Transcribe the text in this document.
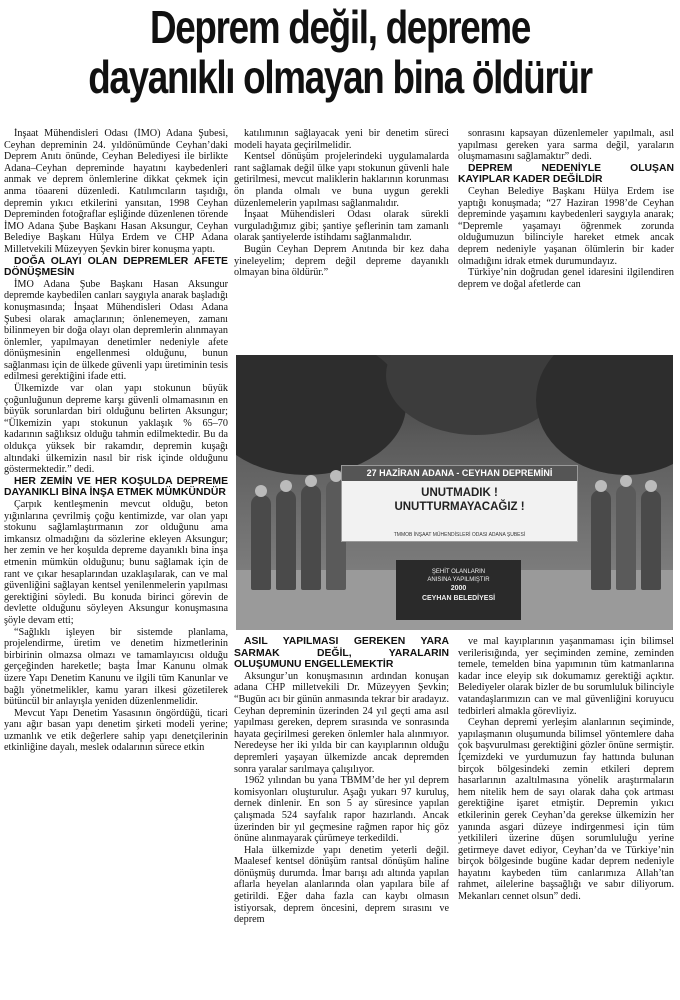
Deprem değil, depreme
dayanıklı olmayan bina öldürür

İnşaat Mühendisleri Odası (İMO) Adana Şubesi, Ceyhan depreminin 24. yıldönümünde Ceyhan’daki Deprem Anıtı önünde, Ceyhan Belediyesi ile birlikte Adana–Ceyhan depreminde hayatını kaybedenleri anmak ve deprem önlemlerine dikkat çekmek için anma töaareni düzenledi. Katılımcıların taşıdığı, depremin yıkıcı etkilerini yansıtan, 1998 Ceyhan Depreminden fotoğraflar eşliğinde düzenlenen törende İMO Adana Şube Başkanı Hasan Aksungur, Ceyhan Belediye Başkanı Hülya Erdem ve CHP Adana Milletvekili Müzeyyen Şevkin birer konuşma yaptı.

DOĞA OLAYI OLAN DEPREMLER AFETE DÖNÜŞMESİN

İMO Adana Şube Başkanı Hasan Aksungur depremde kaybedilen canları saygıyla anarak başladığı konuşmasında; İnşaat Mühendisleri Odası Adana Şubesi olarak amaçlarının; önlenemeyen, zamanı bilinmeyen bir doğa olayı olan depremlerin alınmayan önlemler, yapılmayan denetimler nedeniyle afete dönüşmesinin engellenmesi olduğunu, bunun sağlanması için de ülkede güvenli yapı üretiminin tesis edilmesi gerektiğini ifade etti.

Ülkemizde var olan yapı stokunun büyük çoğunluğunun depreme karşı güvenli olmamasının en büyük sorunlardan biri olduğunu belirten Aksungur; “Ülkemizin yapı stokunun yaklaşık % 65–70 kadarının sağlıksız olduğu tahmin edilmektedir. Bu da oldukça yüksek bir rakamdır, depremin kuşağı altındaki ülkemizin nasıl bir risk içinde olduğunu göstermektedir.” dedi.

HER ZEMİN VE HER KOŞULDA DEPREME DAYANIKLI BİNA İNŞA ETMEK MÜMKÜNDÜR

Çarpık kentleşmenin mevcut olduğu, beton yığınlarına çevrilmiş çoğu kentimizde, var olan yapı stokunu sağlamlaştırmanın zor olduğunu ama imkansız olmadığını da sözlerine ekleyen Aksungur; her zemin ve her koşulda depreme dayanıklı bina inşa etmenin mümkün olduğunu; bunu sağlamak için de rant ve çıkar hesaplarından uzaklaşılarak, can ve mal güvenliğini sağlayan kentsel yenilenmelerin yapılması gerektiğini söyledi. Bu konuda birinci görevin de devlette olduğunu söyleyen Aksungur konuşmasına şöyle devam etti;

“Sağlıklı işleyen bir sistemde planlama, projelendirme, üretim ve denetim hizmetlerinin birbirinin olmazsa olmazı ve tamamlayıcısı olduğu gerçeğinden hareketle; başta İmar Kanunu olmak üzere Yapı Denetim Kanunu ve ilgili tüm Kanunlar ve bağlı yönetmelikler, kamu yararı ilkesi gözetilerek bütüncül bir anlayışla yeniden düzenlenmelidir.

Mevcut Yapı Denetim Yasasının öngördüğü, ticari yanı ağır basan yapı denetim şirketi modeli yerine; uzmanlık ve etik değerlere sahip yapı denetçilerinin etkinliğine dayalı, meslek odalarının sürece etkin

katılımının sağlayacak yeni bir denetim süreci modeli hayata geçirilmelidir.

Kentsel dönüşüm projelerindeki uygulamalarda rant sağlamak değil ülke yapı stokunun güvenli hale getirilmesi, mevcut maliklerin haklarının korunması ön planda olmalı ve buna uygun gerekli düzenlemelerin yapılması sağlanmalıdır.

İnşaat Mühendisleri Odası olarak sürekli vurguladığımız gibi; şantiye şeflerinin tam zamanlı olarak şantiyelerde istihdamı sağlanmalıdır.

Bugün Ceyhan Deprem Anıtında bir kez daha yineleyelim; deprem değil depreme dayanıklı olmayan bina öldürür.”

sonrasını kapsayan düzenlemeler yapılmalı, asıl yapılması gereken yara sarma değil, yaraların oluşmamasını sağlamaktır” dedi.

DEPREM NEDENİYLE OLUŞAN KAYIPLAR KADER DEĞİLDİR

Ceyhan Belediye Başkanı Hülya Erdem ise yaptığı konuşmada; “27 Haziran 1998’de Ceyhan depreminde yaşamını kaybedenleri saygıyla anarak; “Depremle yaşamayı öğrenmek zorunda olduğumuzun bilinciyle hareket etmek ancak deprem nedeniyle yaşanan ölümlerin bir kader olmadığını idrak etmek durumundayız.

Türkiye’nin doğrudan genel idaresini ilgilendiren deprem ve doğal afetlerde can

27 HAZİRAN ADANA - CEYHAN DEPREMİNİ
UNUTMADIK !
UNUTTURMAYACAĞIZ !
TMMOB İNŞAAT MÜHENDİSLERİ ODASI ADANA ŞUBESİ
ŞEHİT OLANLARIN
ANISINA YAPILMIŞTIR
2000
CEYHAN BELEDİYESİ

ASIL YAPILMASI GEREKEN YARA SARMAK DEĞİL, YARALARIN OLUŞUMUNU ENGELLEMEKTİR

Aksungur’un konuşmasının ardından konuşan adana CHP milletvekili Dr. Müzeyyen Şevkin; “Bugün acı bir günün anmasında tekrar bir aradayız. Ceyhan depreminin üzerinden 24 yıl geçti ama asıl yapılması gereken, deprem sırasında ve sonrasında hayata geçirilmesi gereken önlemler hala alınmıyor. Neredeyse her iki yılda bir can kayıplarının olduğu depremleri yaşayan ülkemizde ancak depremden sonra yaralar sarılmaya çalışılıyor.

1962 yılından bu yana TBMM’de her yıl deprem komisyonları oluşturulur. Aşağı yukarı 97 kuruluş, dernek dinlenir. En son 5 ay süresince yapılan çalışmada 524 sayfalık rapor hazırlandı. Ancak üzerinden bir yıl geçmesine rağmen rapor hiç göz önüne alınmayarak çürümeye terkedildi.

Hala ülkemizde yapı denetim yeterli değil. Maalesef kentsel dönüşüm rantsal dönüşüm haline dönüşmüş durumda. İmar barışı adı altında yapılan aflarla heyelan alanlarında olan yapılara bile af getirildi. Eğer daha fazla can kaybı olmasın istiyorsak, deprem öncesini, deprem sırasını ve deprem

ve mal kayıplarının yaşanmaması için bilimsel verilerisığında, yer seçiminden zemine, zeminden temele, temelden bina yapımının tüm katmanlarına kadar ince eleyip sık dokumamız gerektiği açıktır. Belediyeler olarak bizler de bu sorumluluk bilinciyle vatandaşlarımızın can ve mal güvenliğini koruyucu tedbirleri almakla görevliyiz.

Ceyhan depremi yerleşim alanlarının seçiminde, yapılaşmanın oluşumunda bilimsel yöntemlere daha çok başvurulması gerektiğini gözler önüne sermiştir. İçemizdeki ve yurdumuzun fay hattında bulunan birçok bölgesindeki zemin etkileri deprem hasarlarının azaltılmasına yönelik araştırmaların hem nitelik hem de sayı olarak daha çok artması gerektiğine işaret etmiştir. Depremin yıkıcı etkilerinin gerek Ceyhan’da gerekse ülkemizin her yanında asgari düzeye indirgenmesi için tüm yetkilileri üzerine düşen sorumluluğu yerine getirmeye davet ediyor, Ceyhan’da ve Türkiye’nin birçok bölgesinde bugüne kadar deprem nedeniyle hayatını kaybeden tüm canlarımıza Allah’tan rahmet, ailelerine başsağlığı ve sabır diliyorum. Mekanları cennet olsun” dedi.
